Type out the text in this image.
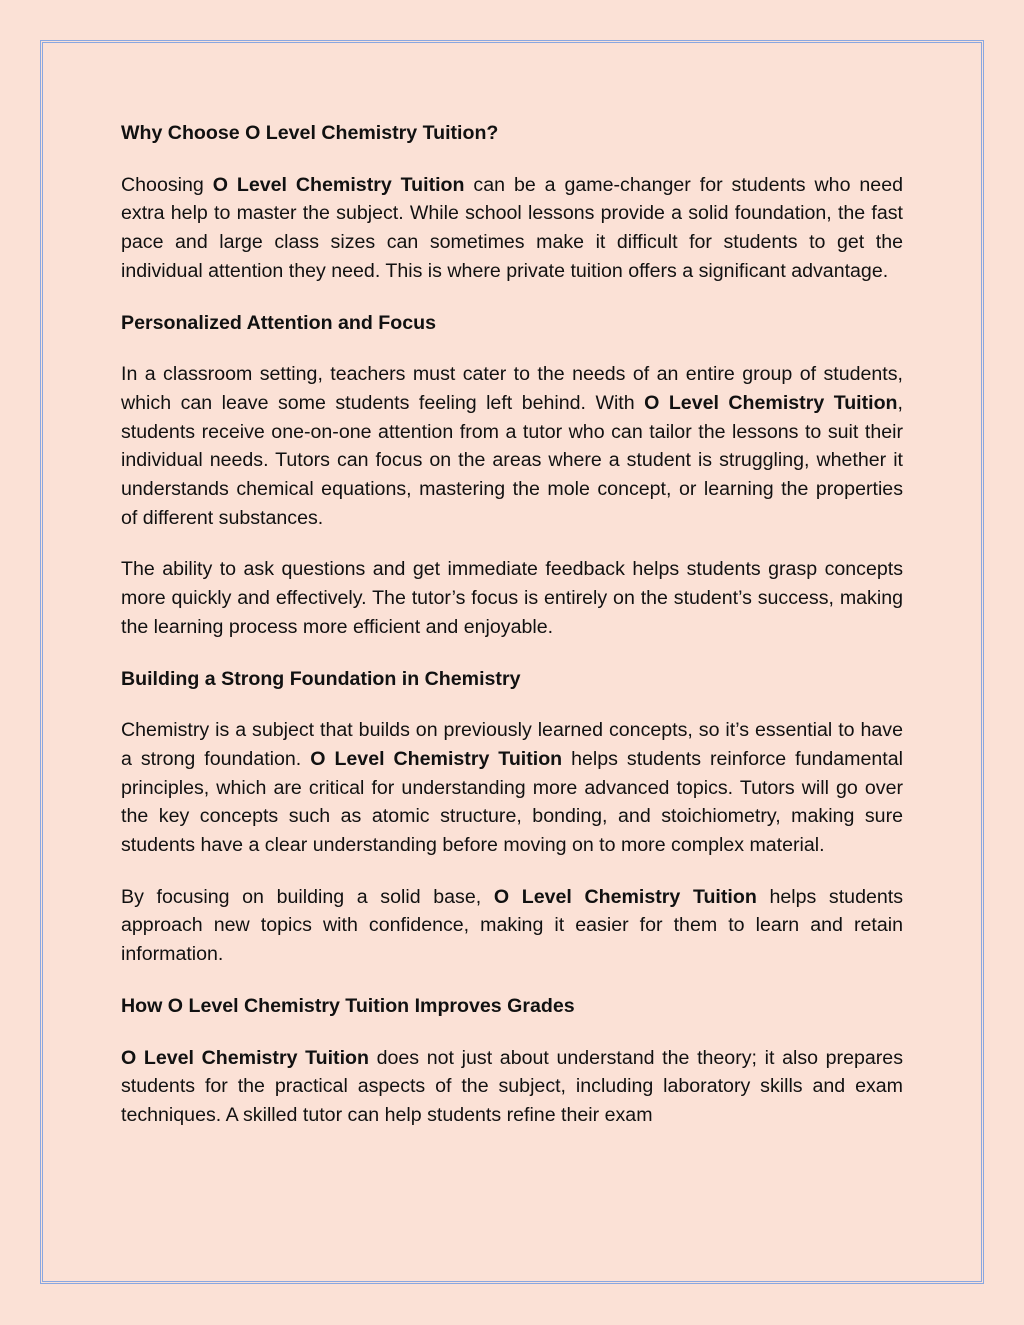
Why Choose O Level Chemistry Tuition?

Choosing O Level Chemistry Tuition can be a game-changer for students who need extra help to master the subject. While school lessons provide a solid foundation, the fast pace and large class sizes can sometimes make it difficult for students to get the individual attention they need. This is where private tuition offers a significant advantage.

Personalized Attention and Focus

In a classroom setting, teachers must cater to the needs of an entire group of students, which can leave some students feeling left behind. With O Level Chemistry Tuition, students receive one-on-one attention from a tutor who can tailor the lessons to suit their individual needs. Tutors can focus on the areas where a student is struggling, whether it understands chemical equations, mastering the mole concept, or learning the properties of different substances.

The ability to ask questions and get immediate feedback helps students grasp concepts more quickly and effectively. The tutor’s focus is entirely on the student’s success, making the learning process more efficient and enjoyable.

Building a Strong Foundation in Chemistry

Chemistry is a subject that builds on previously learned concepts, so it’s essential to have a strong foundation. O Level Chemistry Tuition helps students reinforce fundamental principles, which are critical for understanding more advanced topics. Tutors will go over the key concepts such as atomic structure, bonding, and stoichiometry, making sure students have a clear understanding before moving on to more complex material.

By focusing on building a solid base, O Level Chemistry Tuition helps students approach new topics with confidence, making it easier for them to learn and retain information.

How O Level Chemistry Tuition Improves Grades

O Level Chemistry Tuition does not just about understand the theory; it also prepares students for the practical aspects of the subject, including laboratory skills and exam techniques. A skilled tutor can help students refine their exam
